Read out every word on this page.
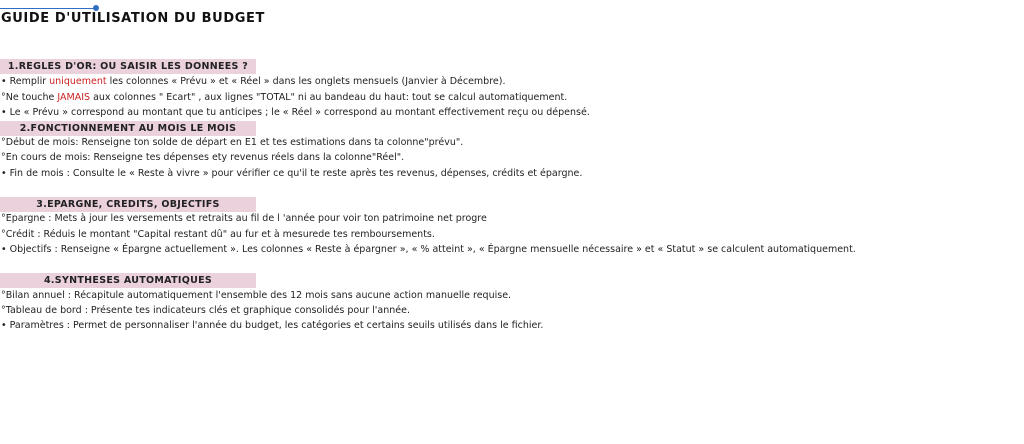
GUIDE D'UTILISATION DU BUDGET
1.REGLES D'OR: OU SAISIR LES DONNEES ?
• Remplir uniquement les colonnes « Prévu » et « Réel » dans les onglets mensuels (Janvier à Décembre).
°Ne touche JAMAIS aux colonnes " Ecart" , aux lignes "TOTAL" ni au bandeau du haut: tout se calcul automatiquement.
• Le « Prévu » correspond au montant que tu anticipes ; le « Réel » correspond au montant effectivement reçu ou dépensé.
2.FONCTIONNEMENT AU MOIS LE MOIS
°Début de mois: Renseigne ton solde de départ en E1 et tes estimations dans ta colonne"prévu".
°En cours de mois: Renseigne tes dépenses ety revenus réels dans la colonne"Réel".
• Fin de mois : Consulte le « Reste à vivre » pour vérifier ce qu'il te reste après tes revenus, dépenses, crédits et épargne.
3.EPARGNE, CREDITS, OBJECTIFS
°Epargne : Mets à jour les versements et retraits au fil de l 'année pour voir ton patrimoine net progre
°Crédit : Réduis le montant "Capital restant dû" au fur et à mesurede tes remboursements.
• Objectifs : Renseigne « Épargne actuellement ». Les colonnes « Reste à épargner », « % atteint », « Épargne mensuelle nécessaire » et « Statut » se calculent automatiquement.
4.SYNTHESES AUTOMATIQUES
°Bilan annuel : Récapitule automatiquement l'ensemble des 12 mois sans aucune action manuelle requise.
°Tableau de bord : Présente tes indicateurs clés et graphique consolidés pour l'année.
• Paramètres : Permet de personnaliser l'année du budget, les catégories et certains seuils utilisés dans le fichier.
